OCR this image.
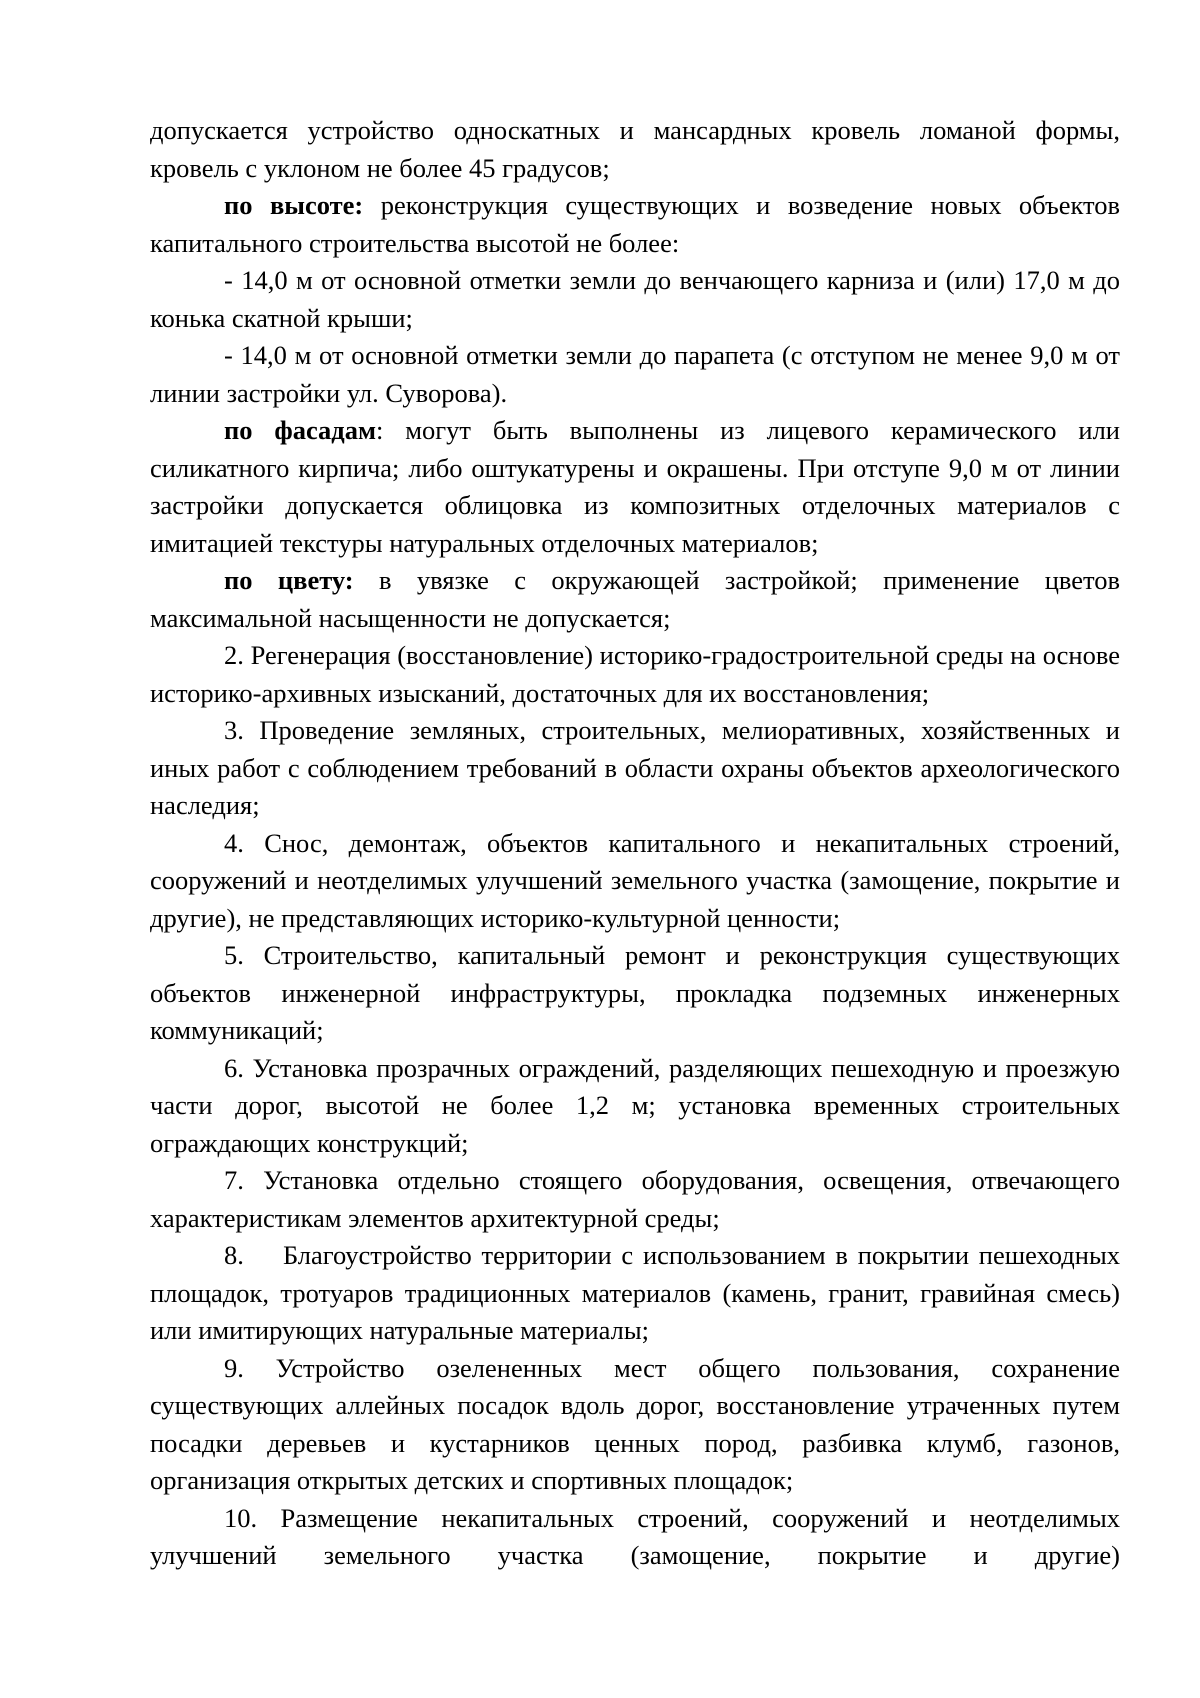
допускается устройство односкатных и мансардных кровель ломаной формы, кровель с уклоном не более 45 градусов;

по высоте: реконструкция существующих и возведение новых объектов капитального строительства высотой не более:

- 14,0 м от основной отметки земли до венчающего карниза и (или) 17,0 м до конька скатной крыши;

- 14,0 м от основной отметки земли до парапета (с отступом не менее 9,0 м от линии застройки ул. Суворова).

по фасадам: могут быть выполнены из лицевого керамического или силикатного кирпича; либо оштукатурены и окрашены. При отступе 9,0 м от линии застройки допускается облицовка из композитных отделочных материалов с имитацией текстуры натуральных отделочных материалов;

по цвету: в увязке с окружающей застройкой; применение цветов максимальной насыщенности не допускается;

2. Регенерация (восстановление) историко-градостроительной среды на основе историко-архивных изысканий, достаточных для их восстановления;

3. Проведение земляных, строительных, мелиоративных, хозяйственных и иных работ с соблюдением требований в области охраны объектов археологического наследия;

4. Снос, демонтаж, объектов капитального и некапитальных строений, сооружений и неотделимых улучшений земельного участка (замощение, покрытие и другие), не представляющих историко-культурной ценности;

5. Строительство, капитальный ремонт и реконструкция существующих объектов инженерной инфраструктуры, прокладка подземных инженерных коммуникаций;

6. Установка прозрачных ограждений, разделяющих пешеходную и проезжую части дорог, высотой не более 1,2 м; установка временных строительных ограждающих конструкций;

7. Установка отдельно стоящего оборудования, освещения, отвечающего характеристикам элементов архитектурной среды;

8.    Благоустройство территории с использованием в покрытии пешеходных площадок, тротуаров традиционных материалов (камень, гранит, гравийная смесь) или имитирующих натуральные материалы;

9. Устройство озелененных мест общего пользования, сохранение существующих аллейных посадок вдоль дорог, восстановление утраченных путем посадки деревьев и кустарников ценных пород, разбивка клумб, газонов, организация открытых детских и спортивных площадок;

10. Размещение некапитальных строений, сооружений и неотделимых улучшений земельного участка (замощение, покрытие и другие)
